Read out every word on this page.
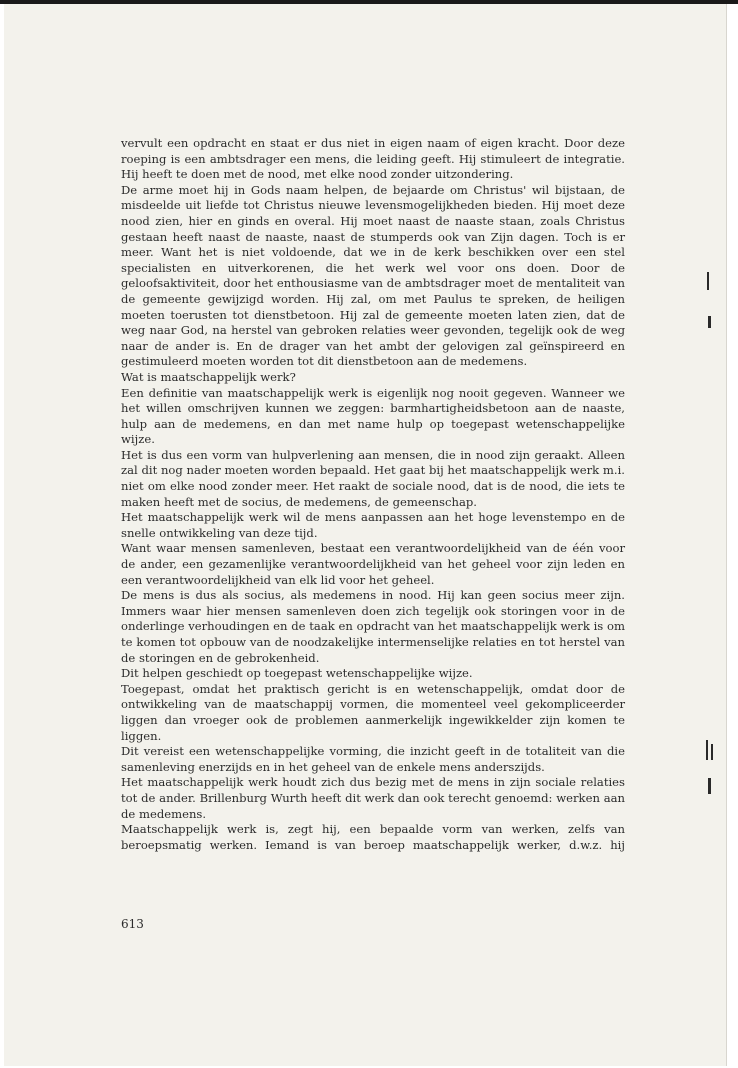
vervult een opdracht en staat er dus niet in eigen naam of eigen kracht. Door deze roeping is een ambtsdrager een mens, die leiding geeft. Hij stimuleert de integratie. Hij heeft te doen met de nood, met elke nood zonder uitzondering.

De arme moet hij in Gods naam helpen, de bejaarde om Christus' wil bijstaan, de misdeelde uit liefde tot Christus nieuwe levensmogelijkheden bieden. Hij moet deze nood zien, hier en ginds en overal. Hij moet naast de naaste staan, zoals Christus gestaan heeft naast de naaste, naast de stumperds ook van Zijn dagen. Toch is er meer. Want het is niet voldoende, dat we in de kerk beschikken over een stel specialisten en uitverkorenen, die het werk wel voor ons doen. Door de geloofsaktiviteit, door het enthousiasme van de ambtsdrager moet de mentaliteit van de gemeente gewijzigd worden. Hij zal, om met Paulus te spreken, de heiligen moeten toerusten tot dienstbetoon. Hij zal de gemeente moeten laten zien, dat de weg naar God, na herstel van gebroken relaties weer gevonden, tegelijk ook de weg naar de ander is. En de drager van het ambt der gelovigen zal geïnspireerd en gestimuleerd moeten worden tot dit dienstbetoon aan de medemens.

Wat is maatschappelijk werk?

Een definitie van maatschappelijk werk is eigenlijk nog nooit gegeven. Wanneer we het willen omschrijven kunnen we zeggen: barmhartigheidsbetoon aan de naaste, hulp aan de medemens, en dan met name hulp op toegepast wetenschappelijke wijze.

Het is dus een vorm van hulpverlening aan mensen, die in nood zijn geraakt. Alleen zal dit nog nader moeten worden bepaald. Het gaat bij het maatschappelijk werk m.i. niet om elke nood zonder meer. Het raakt de sociale nood, dat is de nood, die iets te maken heeft met de socius, de medemens, de gemeenschap.

Het maatschappelijk werk wil de mens aanpassen aan het hoge levenstempo en de snelle ontwikkeling van deze tijd.

Want waar mensen samenleven, bestaat een verantwoordelijkheid van de één voor de ander, een gezamenlijke verantwoordelijkheid van het geheel voor zijn leden en een verantwoordelijkheid van elk lid voor het geheel.

De mens is dus als socius, als medemens in nood. Hij kan geen socius meer zijn. Immers waar hier mensen samenleven doen zich tegelijk ook storingen voor in de onderlinge verhoudingen en de taak en opdracht van het maatschappelijk werk is om te komen tot opbouw van de noodzakelijke intermenselijke relaties en tot herstel van de storingen en de gebrokenheid.

Dit helpen geschiedt op toegepast wetenschappelijke wijze.

Toegepast, omdat het praktisch gericht is en wetenschappelijk, omdat door de ontwikkeling van de maatschappij vormen, die momenteel veel gekompliceerder liggen dan vroeger ook de problemen aanmerkelijk ingewikkelder zijn komen te liggen.

Dit vereist een wetenschappelijke vorming, die inzicht geeft in de totaliteit van die samenleving enerzijds en in het geheel van de enkele mens anderszijds.

Het maatschappelijk werk houdt zich dus bezig met de mens in zijn sociale relaties tot de ander. Brillenburg Wurth heeft dit werk dan ook terecht genoemd: werken aan de medemens.

Maatschappelijk werk is, zegt hij, een bepaalde vorm van werken, zelfs van beroepsmatig werken. Iemand is van beroep maatschappelijk werker, d.w.z. hij

613
